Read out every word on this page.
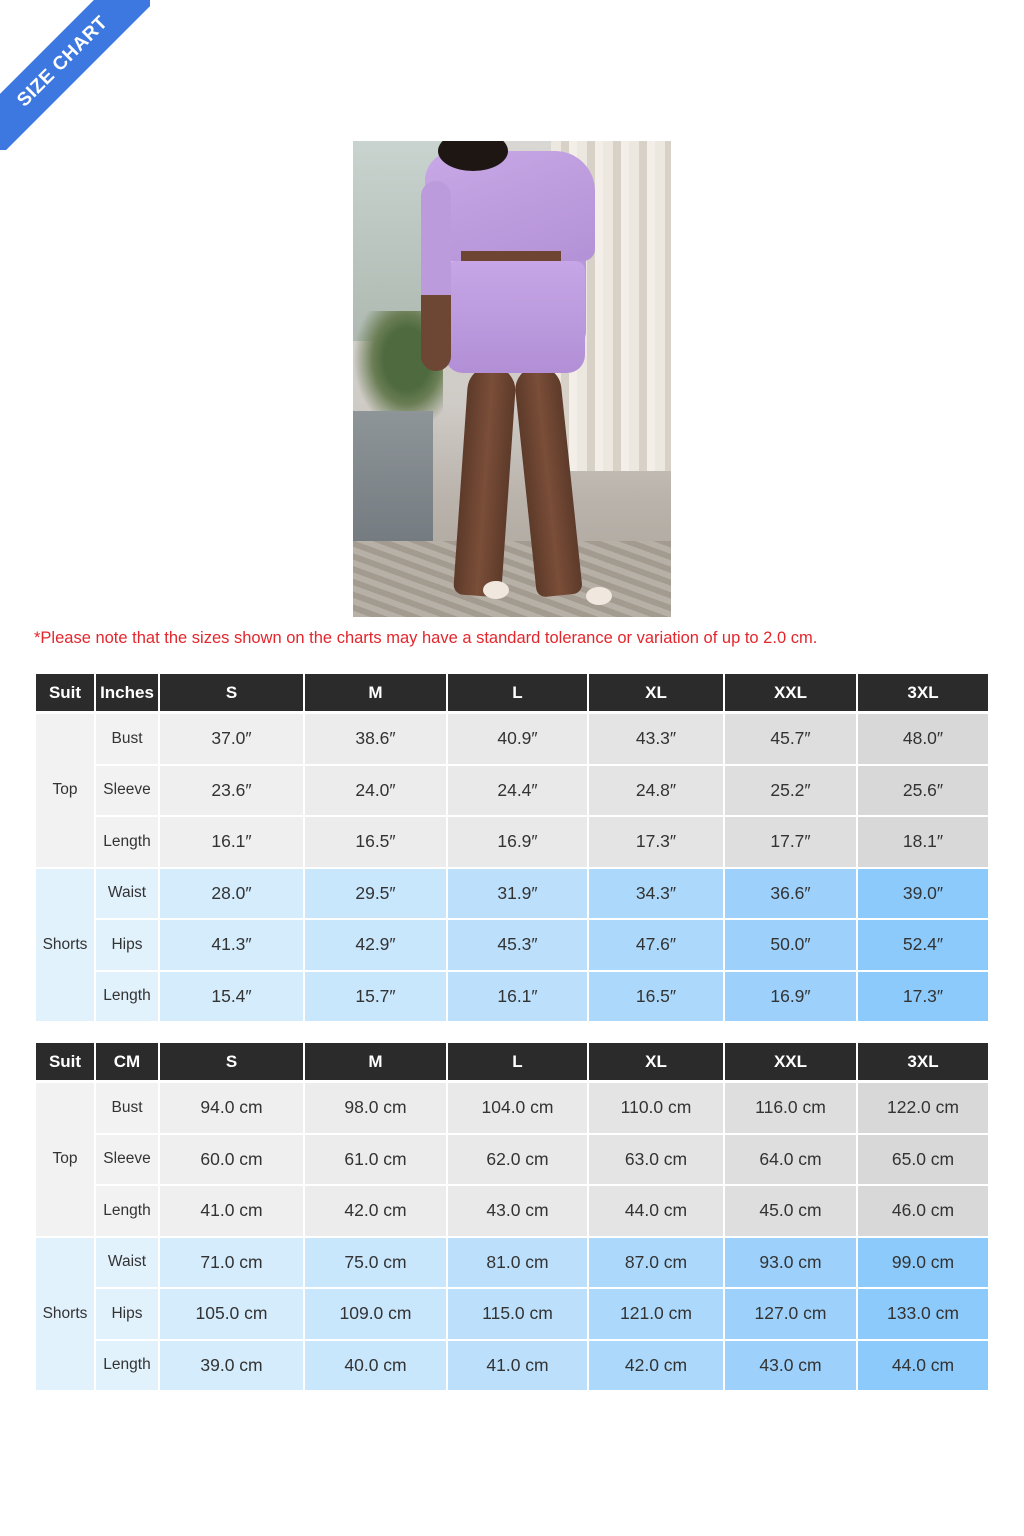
SIZE CHART
*Please note that the sizes shown on the charts may have a standard tolerance or variation of up to 2.0 cm.
Suit	Inches	S	M	L	XL	XXL	3XL
Top	Bust	37.0″	38.6″	40.9″	43.3″	45.7″	48.0″
	Sleeve	23.6″	24.0″	24.4″	24.8″	25.2″	25.6″
	Length	16.1″	16.5″	16.9″	17.3″	17.7″	18.1″
Shorts	Waist	28.0″	29.5″	31.9″	34.3″	36.6″	39.0″
	Hips	41.3″	42.9″	45.3″	47.6″	50.0″	52.4″
	Length	15.4″	15.7″	16.1″	16.5″	16.9″	17.3″
Suit	CM	S	M	L	XL	XXL	3XL
Top	Bust	94.0 cm	98.0 cm	104.0 cm	110.0 cm	116.0 cm	122.0 cm
	Sleeve	60.0 cm	61.0 cm	62.0 cm	63.0 cm	64.0 cm	65.0 cm
	Length	41.0 cm	42.0 cm	43.0 cm	44.0 cm	45.0 cm	46.0 cm
Shorts	Waist	71.0 cm	75.0 cm	81.0 cm	87.0 cm	93.0 cm	99.0 cm
	Hips	105.0 cm	109.0 cm	115.0 cm	121.0 cm	127.0 cm	133.0 cm
	Length	39.0 cm	40.0 cm	41.0 cm	42.0 cm	43.0 cm	44.0 cm
